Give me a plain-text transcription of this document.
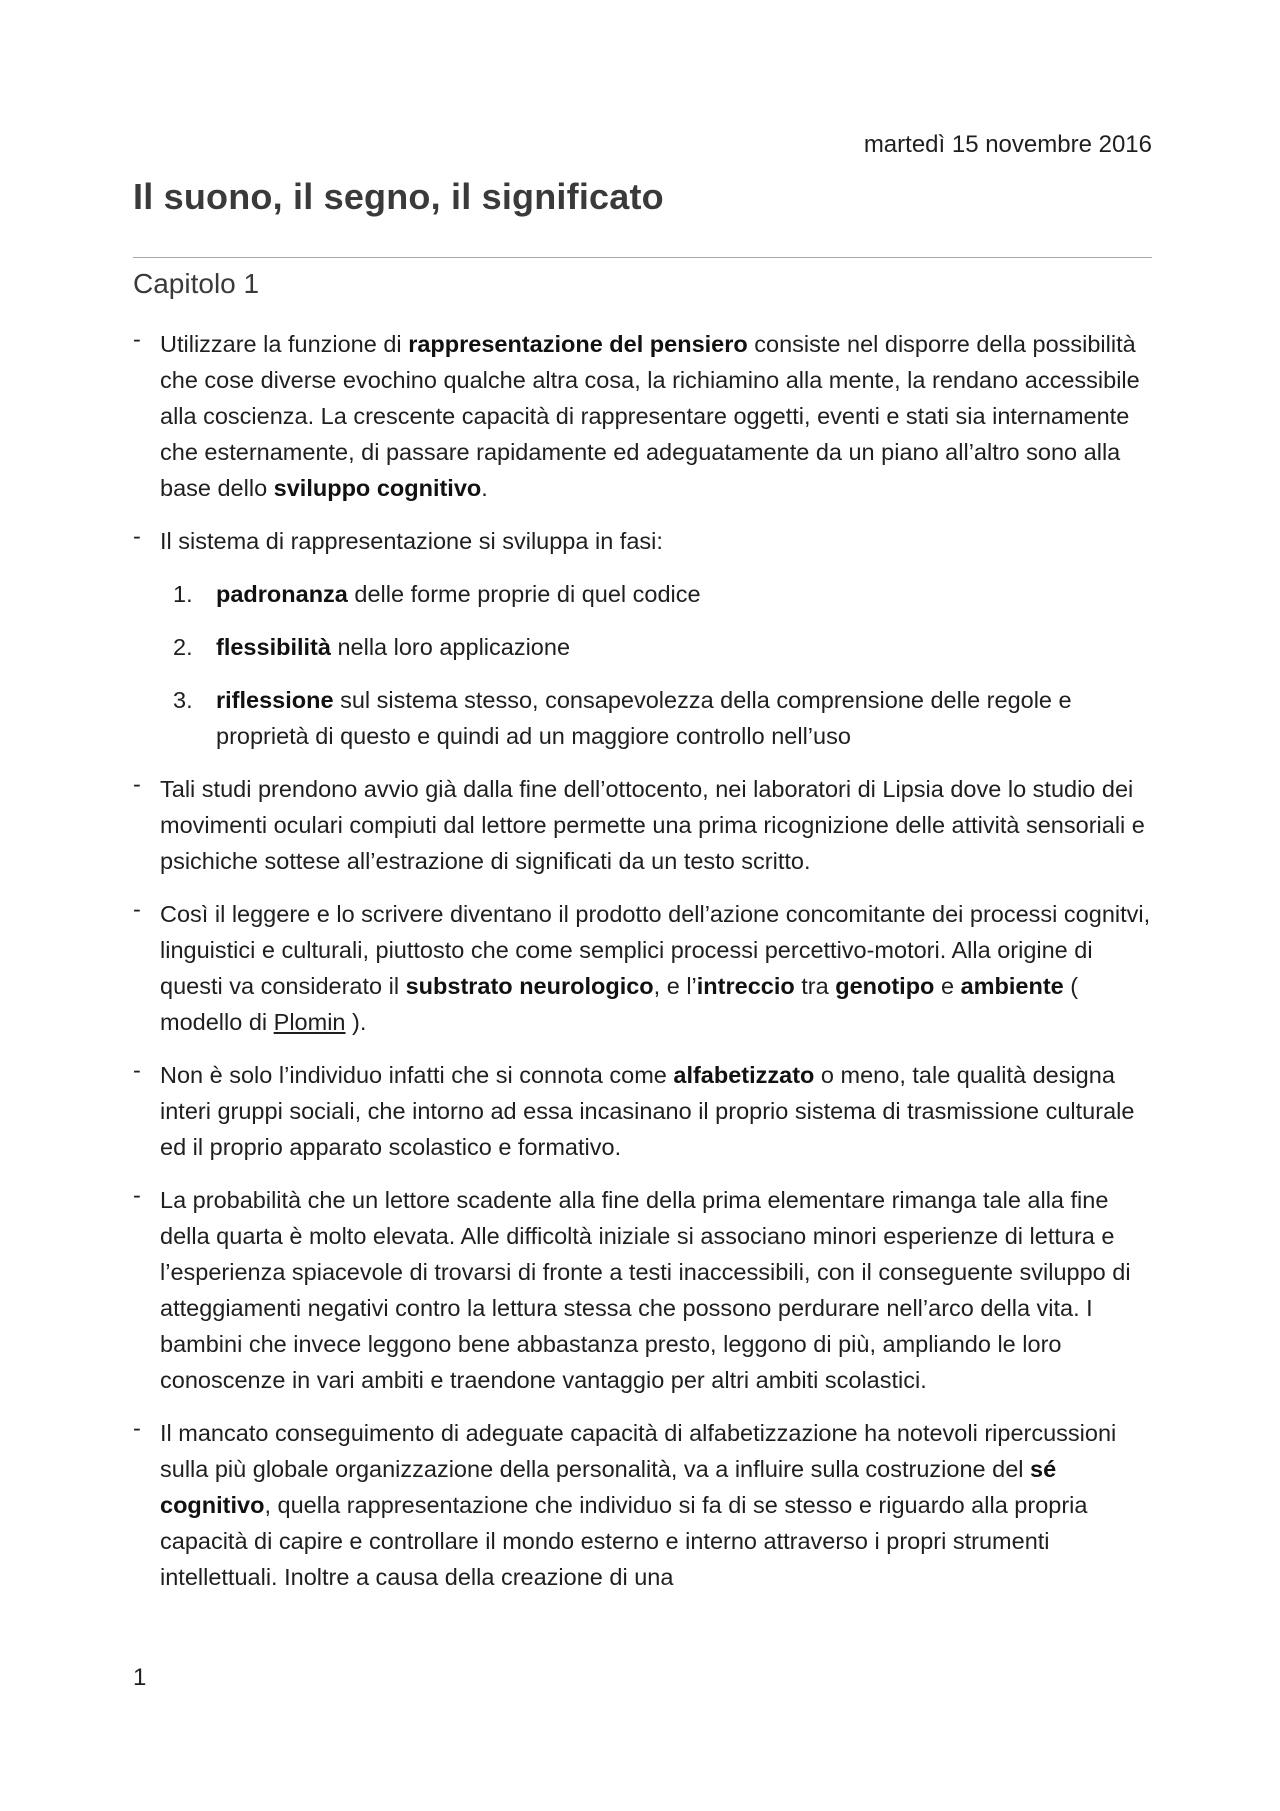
martedì 15 novembre 2016
Il suono, il segno, il significato
Capitolo 1
- Utilizzare la funzione di rappresentazione del pensiero consiste nel disporre della possibilità che cose diverse evochino qualche altra cosa, la richiamino alla mente, la rendano accessibile alla coscienza. La crescente capacità di rappresentare oggetti, eventi e stati sia internamente che esternamente, di passare rapidamente ed adeguatamente da un piano all’altro sono alla base dello sviluppo cognitivo.
- Il sistema di rappresentazione si sviluppa in fasi:
1. padronanza delle forme proprie di quel codice
2. flessibilità nella loro applicazione
3. riflessione sul sistema stesso, consapevolezza della comprensione delle regole e proprietà di questo e quindi ad un maggiore controllo nell’uso
- Tali studi prendono avvio già dalla fine dell’ottocento, nei laboratori di Lipsia dove lo studio dei movimenti oculari compiuti dal lettore permette una prima ricognizione delle attività sensoriali e psichiche sottese all’estrazione di significati da un testo scritto.
- Così il leggere e lo scrivere diventano il prodotto dell’azione concomitante dei processi cognitvi, linguistici e culturali, piuttosto che come semplici processi percettivo-motori. Alla origine di questi va considerato il substrato neurologico, e l’intreccio tra genotipo e ambiente ( modello di Plomin ).
- Non è solo l’individuo infatti che si connota come alfabetizzato o meno, tale qualità designa interi gruppi sociali, che intorno ad essa incasinano il proprio sistema di trasmissione culturale ed il proprio apparato scolastico e formativo.
- La probabilità che un lettore scadente alla fine della prima elementare rimanga tale alla fine della quarta è molto elevata. Alle difficoltà iniziale si associano minori esperienze di lettura e l’esperienza spiacevole di trovarsi di fronte a testi inaccessibili, con il conseguente sviluppo di atteggiamenti negativi contro la lettura stessa che possono perdurare nell’arco della vita. I bambini che invece leggono bene abbastanza presto, leggono di più, ampliando le loro conoscenze in vari ambiti e traendone vantaggio per altri ambiti scolastici.
- Il mancato conseguimento di adeguate capacità di alfabetizzazione ha notevoli ripercussioni sulla più globale organizzazione della personalità, va a influire sulla costruzione del sé cognitivo, quella rappresentazione che individuo si fa di se stesso e riguardo alla propria capacità di capire e controllare il mondo esterno e interno attraverso i propri strumenti intellettuali. Inoltre a causa della creazione di una
1
